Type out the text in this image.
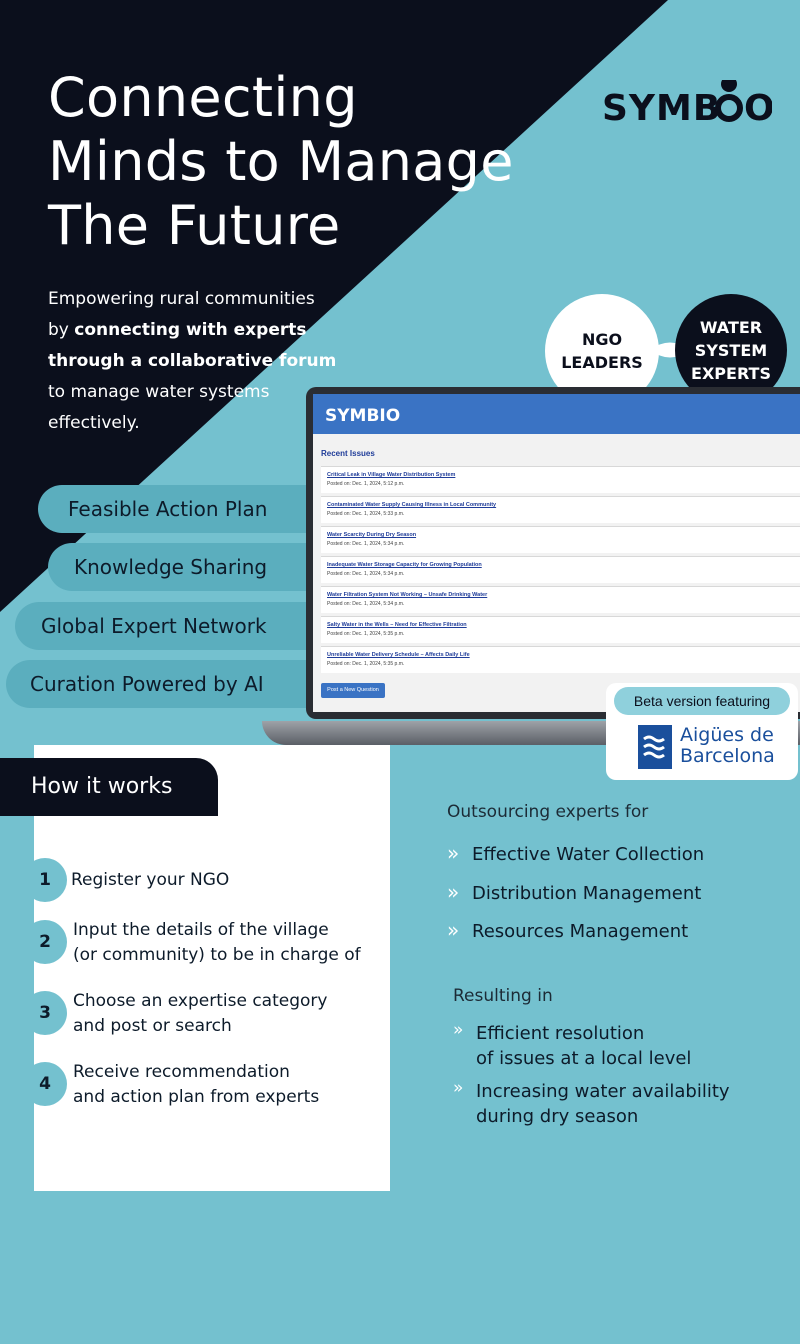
Connecting
Minds to Manage
The Future
Empowering rural communities
by connecting with experts
through a collaborative forum
to manage water systems
effectively.
SYMB O
NGO
LEADERS
WATER
SYSTEM
EXPERTS
Feasible Action Plan
Knowledge Sharing
Global Expert Network
Curation Powered by AI
SYMBIO
Recent Issues
Critical Leak in Village Water Distribution System
Posted on: Dec. 1, 2024, 5:12 p.m.
Contaminated Water Supply Causing Illness in Local Community
Posted on: Dec. 1, 2024, 5:33 p.m.
Water Scarcity During Dry Season
Posted on: Dec. 1, 2024, 5:34 p.m.
Inadequate Water Storage Capacity for Growing Population
Posted on: Dec. 1, 2024, 5:34 p.m.
Water Filtration System Not Working – Unsafe Drinking Water
Posted on: Dec. 1, 2024, 5:34 p.m.
Salty Water in the Wells – Need for Effective Filtration
Posted on: Dec. 1, 2024, 5:35 p.m.
Unreliable Water Delivery Schedule – Affects Daily Life
Posted on: Dec. 1, 2024, 5:35 p.m.
Post a New Question
Beta version featuring
Aigües de
Barcelona
How it works
1	Register your NGO
2
Input the details of the village
(or community) to be in charge of
3
Choose an expertise category
and post or search
4
Receive recommendation
and action plan from experts
Outsourcing experts for
» Effective Water Collection
» Distribution Management
» Resources Management
Resulting in
» Efficient resolution
of issues at a local level
» Increasing water availability
during dry season
